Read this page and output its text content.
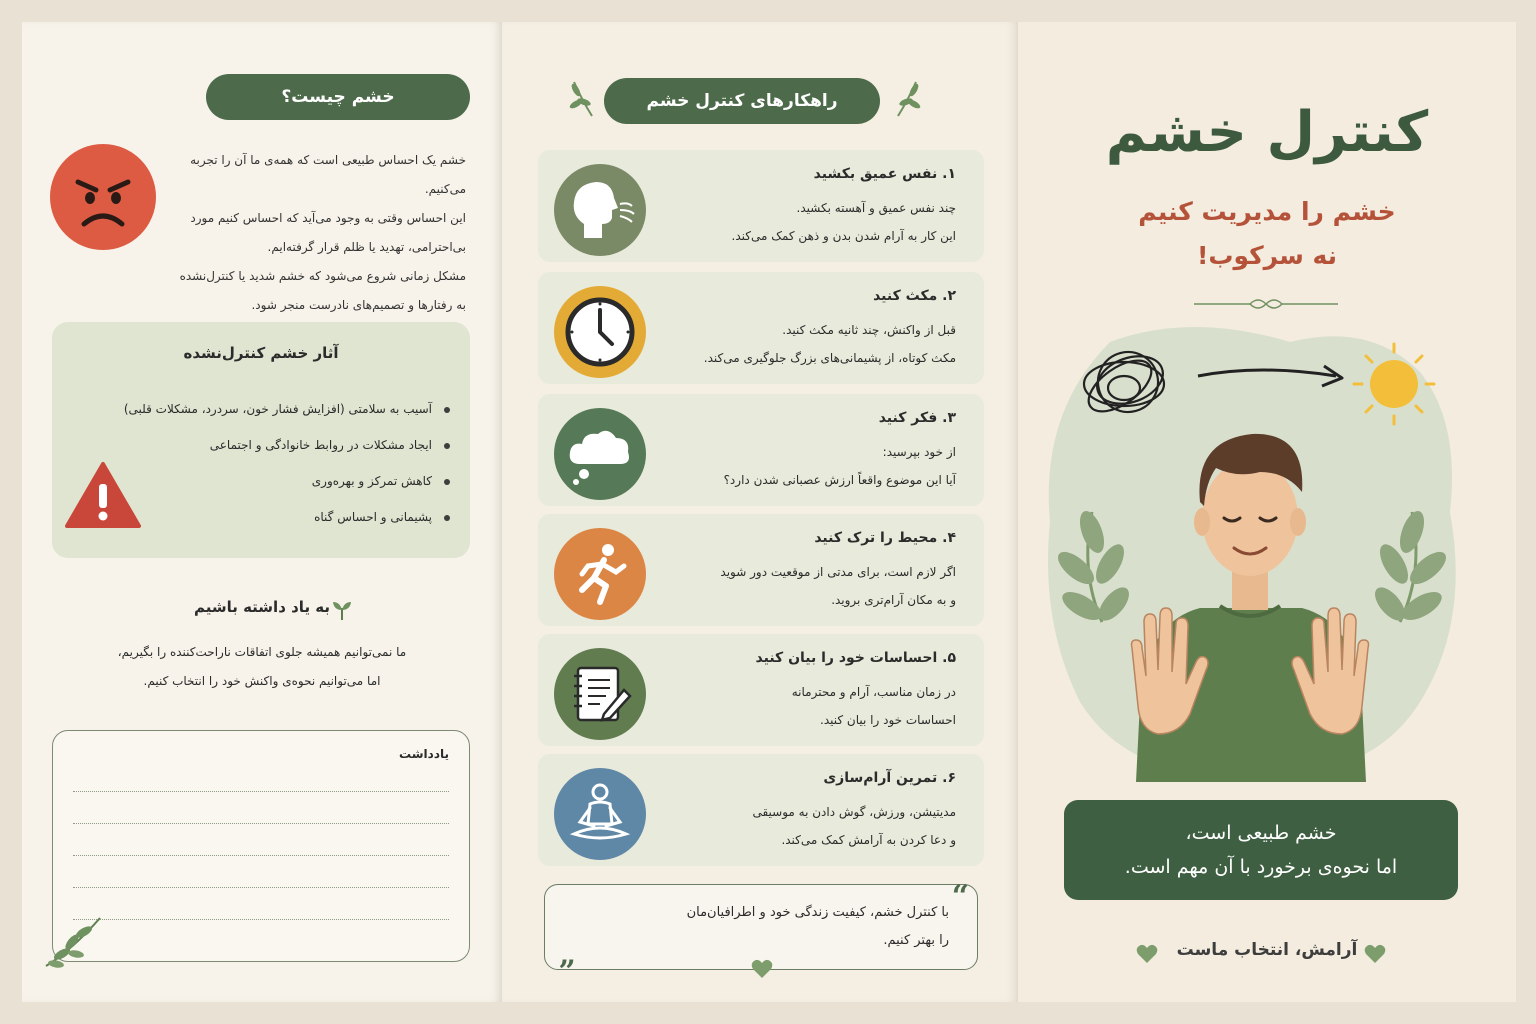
خشم چیست؟
خشم یک احساس طبیعی است که همه‌ی ما آن را تجربه می‌کنیم.
این احساس وقتی به وجود می‌آید که احساس کنیم مورد
بی‌احترامی، تهدید یا ظلم قرار گرفته‌ایم.
مشکل زمانی شروع می‌شود که خشم شدید یا کنترل‌نشده
به رفتارها و تصمیم‌های نادرست منجر شود.
آثار خشم کنترل‌نشده
آسیب به سلامتی (افزایش فشار خون، سردرد، مشکلات قلبی)
ایجاد مشکلات در روابط خانوادگی و اجتماعی
کاهش تمرکز و بهره‌وری
پشیمانی و احساس گناه
به یاد داشته باشیم
ما نمی‌توانیم همیشه جلوی اتفاقات ناراحت‌کننده را بگیریم،
اما می‌توانیم نحوه‌ی واکنش خود را انتخاب کنیم.
یادداشت
راهکارهای کنترل خشم
۱. نفس عمیق بکشید
چند نفس عمیق و آهسته بکشید.
این کار به آرام شدن بدن و ذهن کمک می‌کند.
۲. مکث کنید
قبل از واکنش، چند ثانیه مکث کنید.
مکث کوتاه، از پشیمانی‌های بزرگ جلوگیری می‌کند.
۳. فکر کنید
از خود بپرسید:
آیا این موضوع واقعاً ارزش عصبانی شدن دارد؟
۴. محیط را ترک کنید
اگر لازم است، برای مدتی از موقعیت دور شوید
و به مکان آرام‌تری بروید.
۵. احساسات خود را بیان کنید
در زمان مناسب، آرام و محترمانه
احساسات خود را بیان کنید.
۶. تمرین آرام‌سازی
مدیتیشن، ورزش، گوش دادن به موسیقی
و دعا کردن به آرامش کمک می‌کند.
“
با کنترل خشم، کیفیت زندگی خود و اطرافیان‌مان
را بهتر کنیم.
„
کنترل خشم
خشم را مدیریت کنیم
نه سرکوب!
خشم طبیعی است،
اما نحوه‌ی برخورد با آن مهم است.
آرامش، انتخاب ماست
